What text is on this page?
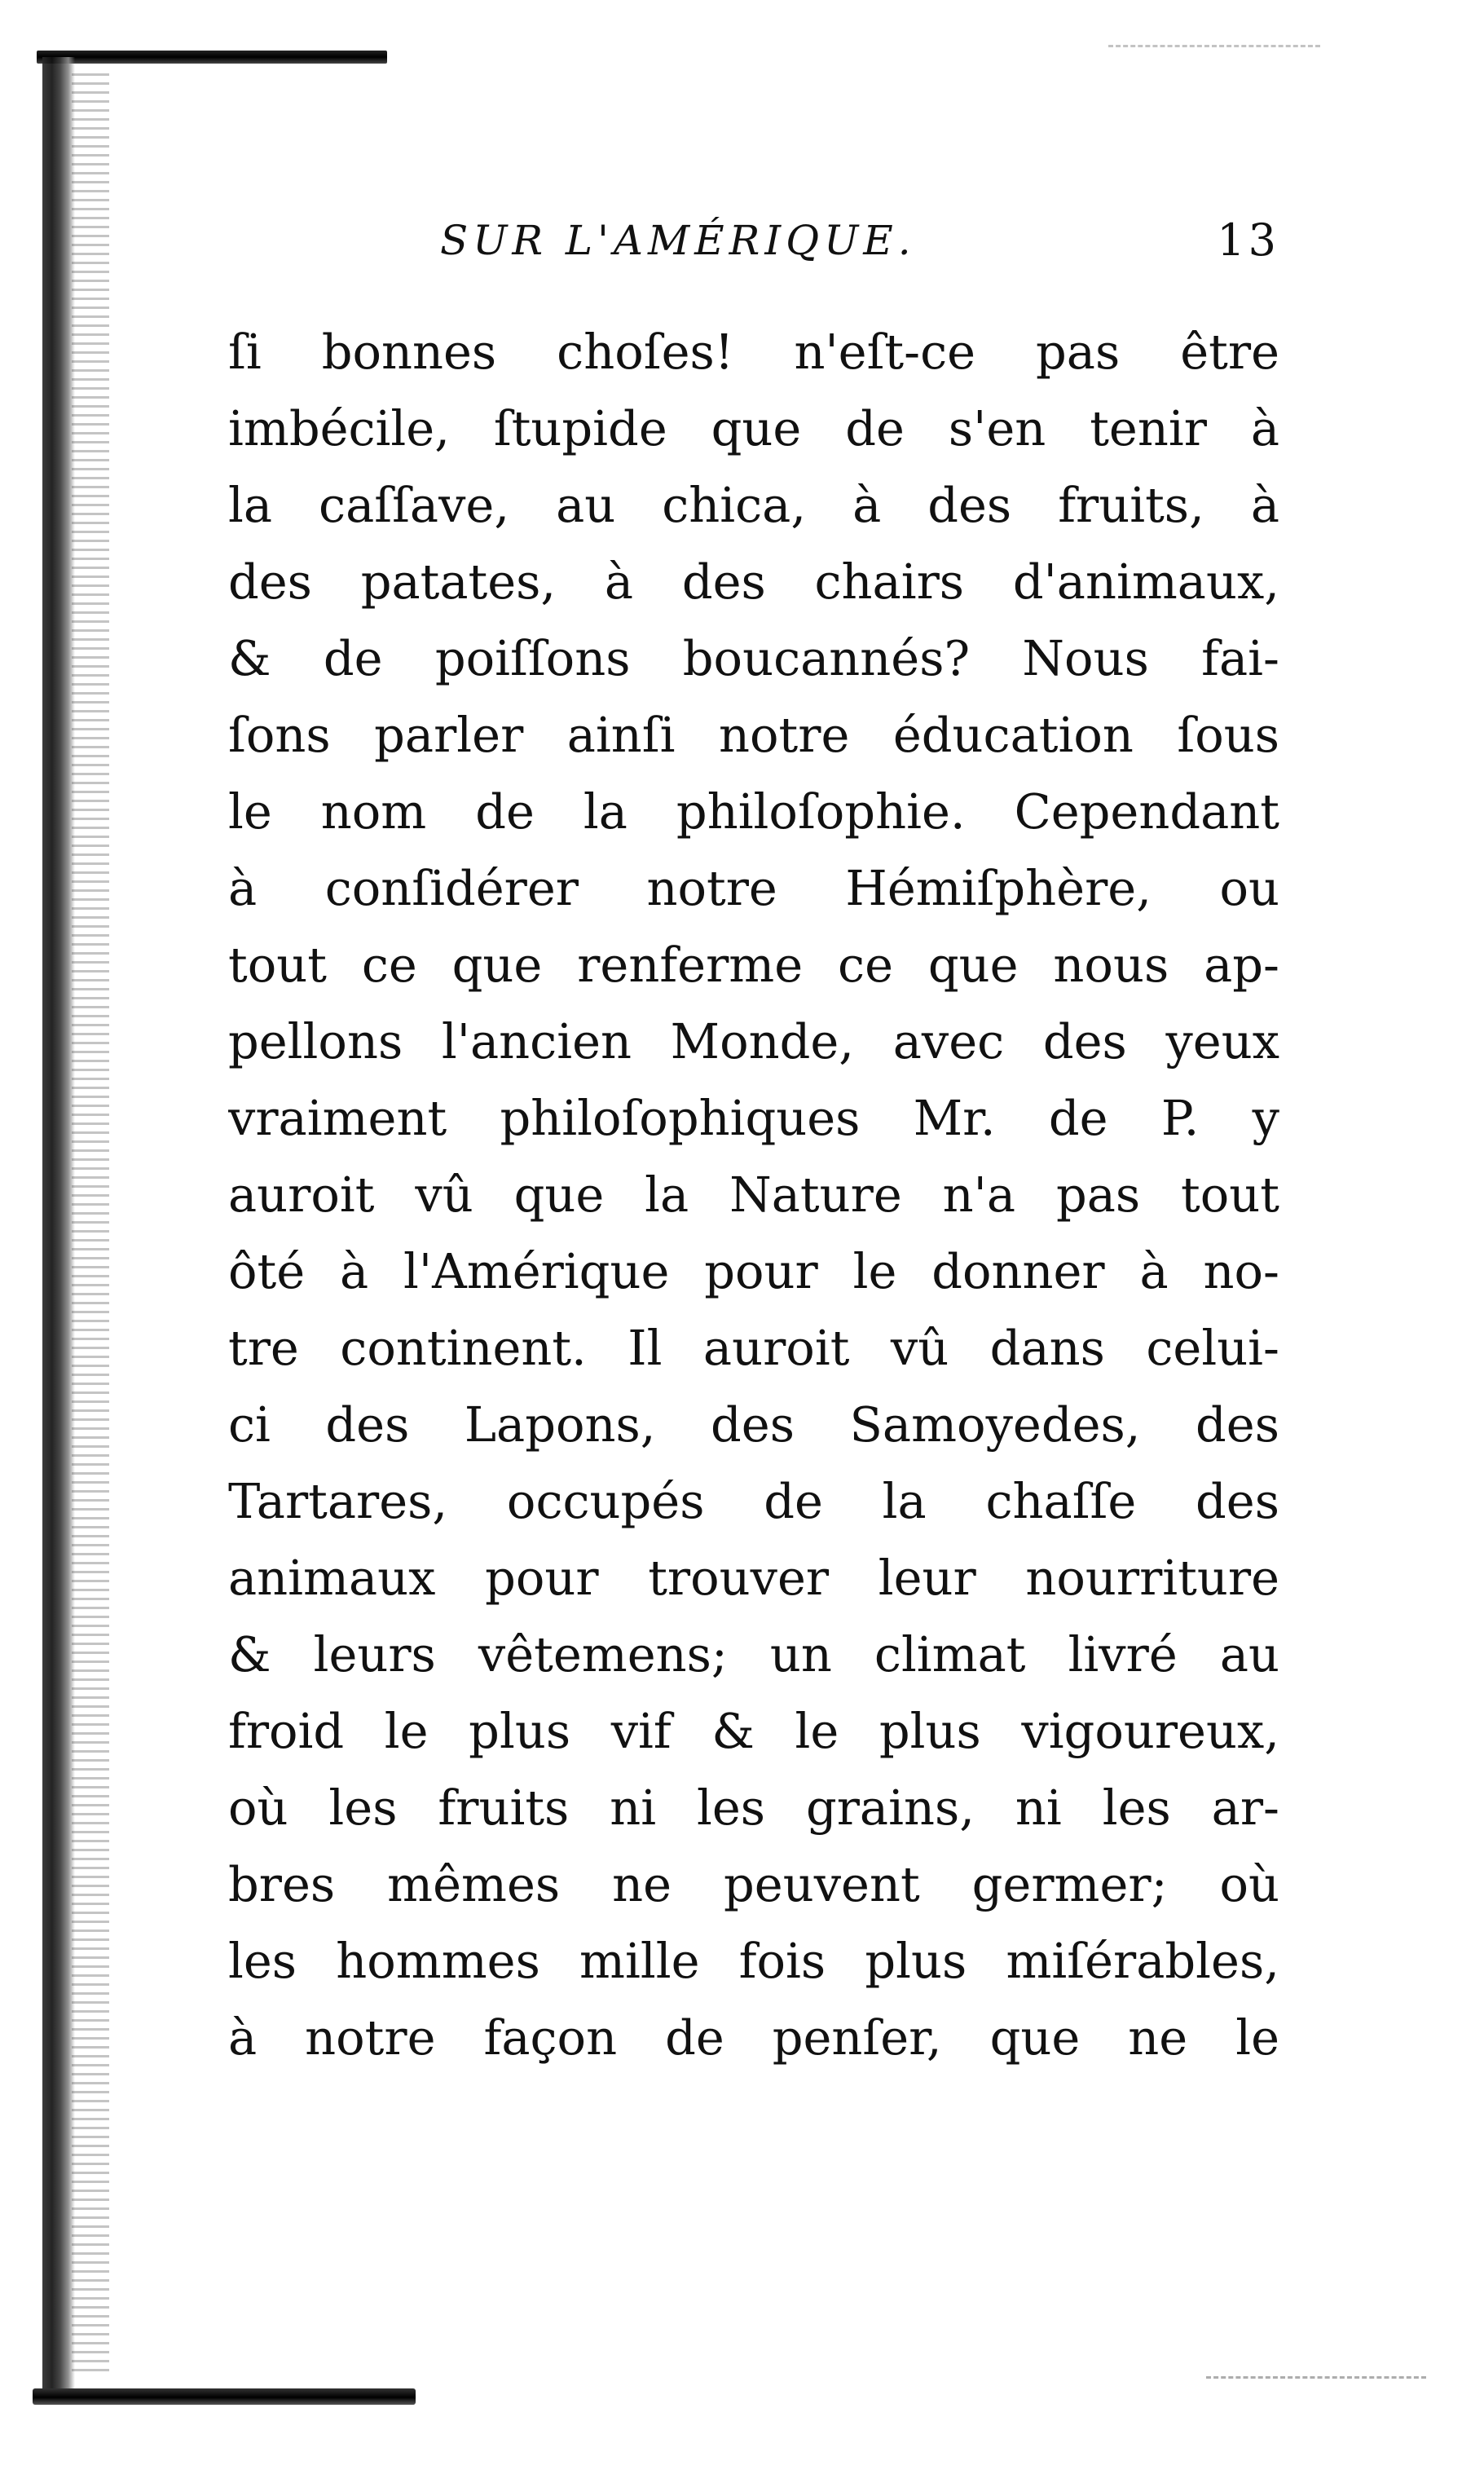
SUR L'AMÉRIQUE.	13
ſi bonnes choſes! n'eſt-ce pas être
imbécile, ſtupide que de s'en tenir à
la caſſave, au chica, à des fruits, à
des patates, à des chairs d'animaux,
& de poiſſons boucannés? Nous fai-
ſons parler ainſi notre éducation ſous
le nom de la philoſophie. Cependant
à conſidérer notre Hémiſphère, ou
tout ce que renferme ce que nous ap-
pellons l'ancien Monde, avec des yeux
vraiment philoſophiques Mr. de P. y
auroit vû que la Nature n'a pas tout
ôté à l'Amérique pour le donner à no-
tre continent. Il auroit vû dans celui-
ci des Lapons, des Samoyedes, des
Tartares, occupés de la chaſſe des
animaux pour trouver leur nourriture
& leurs vêtemens; un climat livré au
froid le plus vif & le plus vigoureux,
où les fruits ni les grains, ni les ar-
bres mêmes ne peuvent germer; où
les hommes mille fois plus miſérables,
à notre façon de penſer, que ne le
